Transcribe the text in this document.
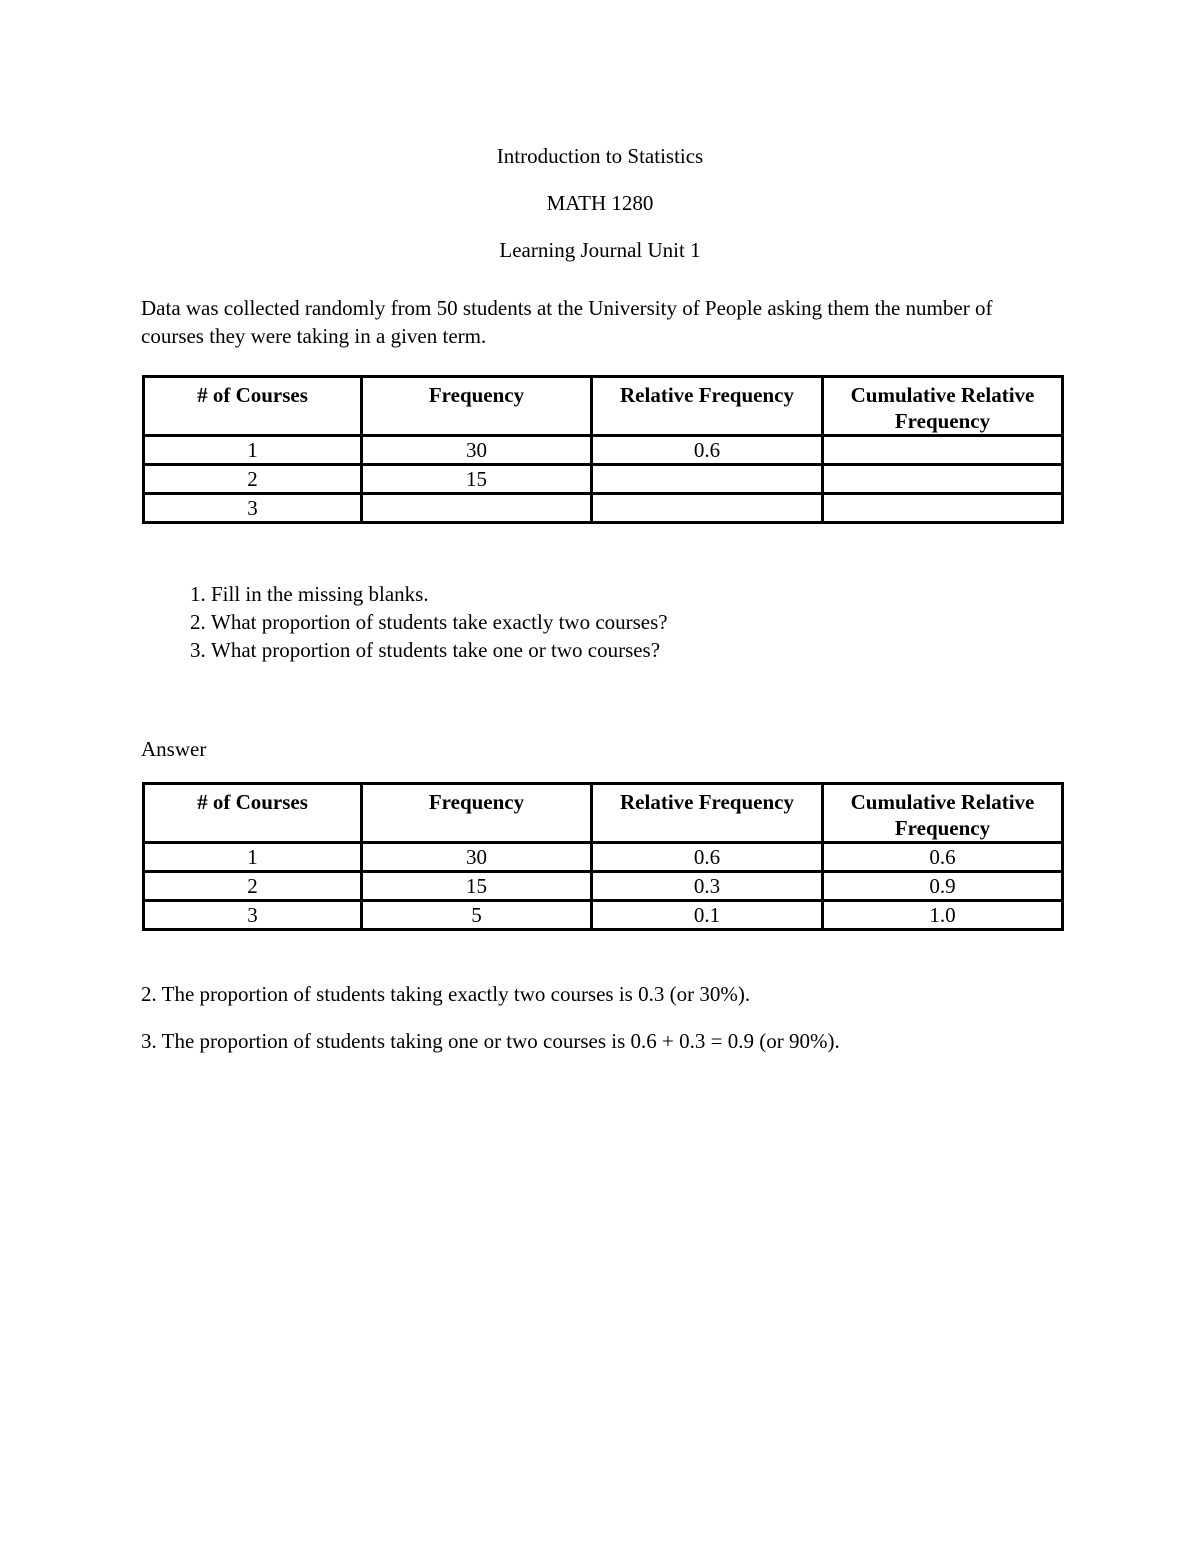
Introduction to Statistics
MATH 1280
Learning Journal Unit 1
Data was collected randomly from 50 students at the University of People asking them the number of courses they were taking in a given term.
# of Courses	Frequency	Relative Frequency	Cumulative Relative Frequency
1	30	0.6	
2	15		
3			
1. Fill in the missing blanks.
2. What proportion of students take exactly two courses?
3. What proportion of students take one or two courses?
Answer
# of Courses	Frequency	Relative Frequency	Cumulative Relative Frequency
1	30	0.6	0.6
2	15	0.3	0.9
3	5	0.1	1.0
2. The proportion of students taking exactly two courses is 0.3 (or 30%).
3. The proportion of students taking one or two courses is 0.6 + 0.3 = 0.9 (or 90%).
